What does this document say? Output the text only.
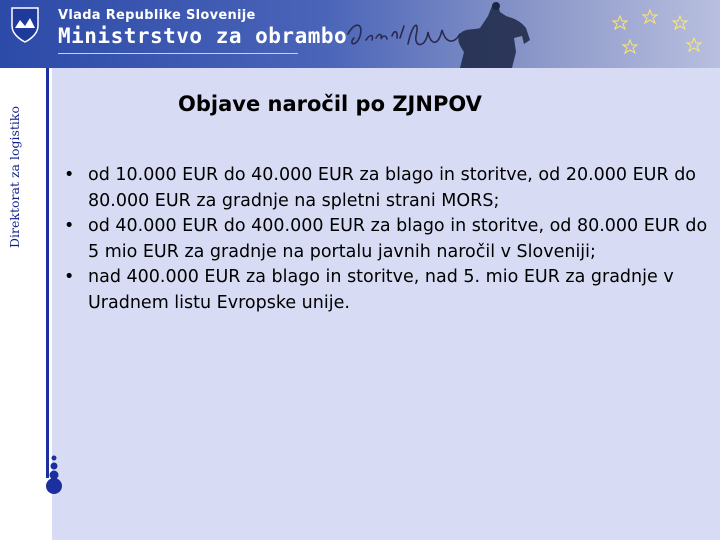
Vlada Republike Slovenije
Ministrstvo za obrambo
Direktorat za logistiko
Objave naročil po ZJNPOV
• od 10.000 EUR do 40.000 EUR za blago in storitve, od 20.000 EUR do 80.000 EUR za gradnje na spletni strani MORS;
• od 40.000 EUR do 400.000 EUR za blago in storitve, od 80.000 EUR do 5 mio EUR za gradnje na portalu javnih naročil v Sloveniji;
• nad 400.000 EUR za blago in storitve, nad 5. mio EUR za gradnje v Uradnem listu Evropske unije.
